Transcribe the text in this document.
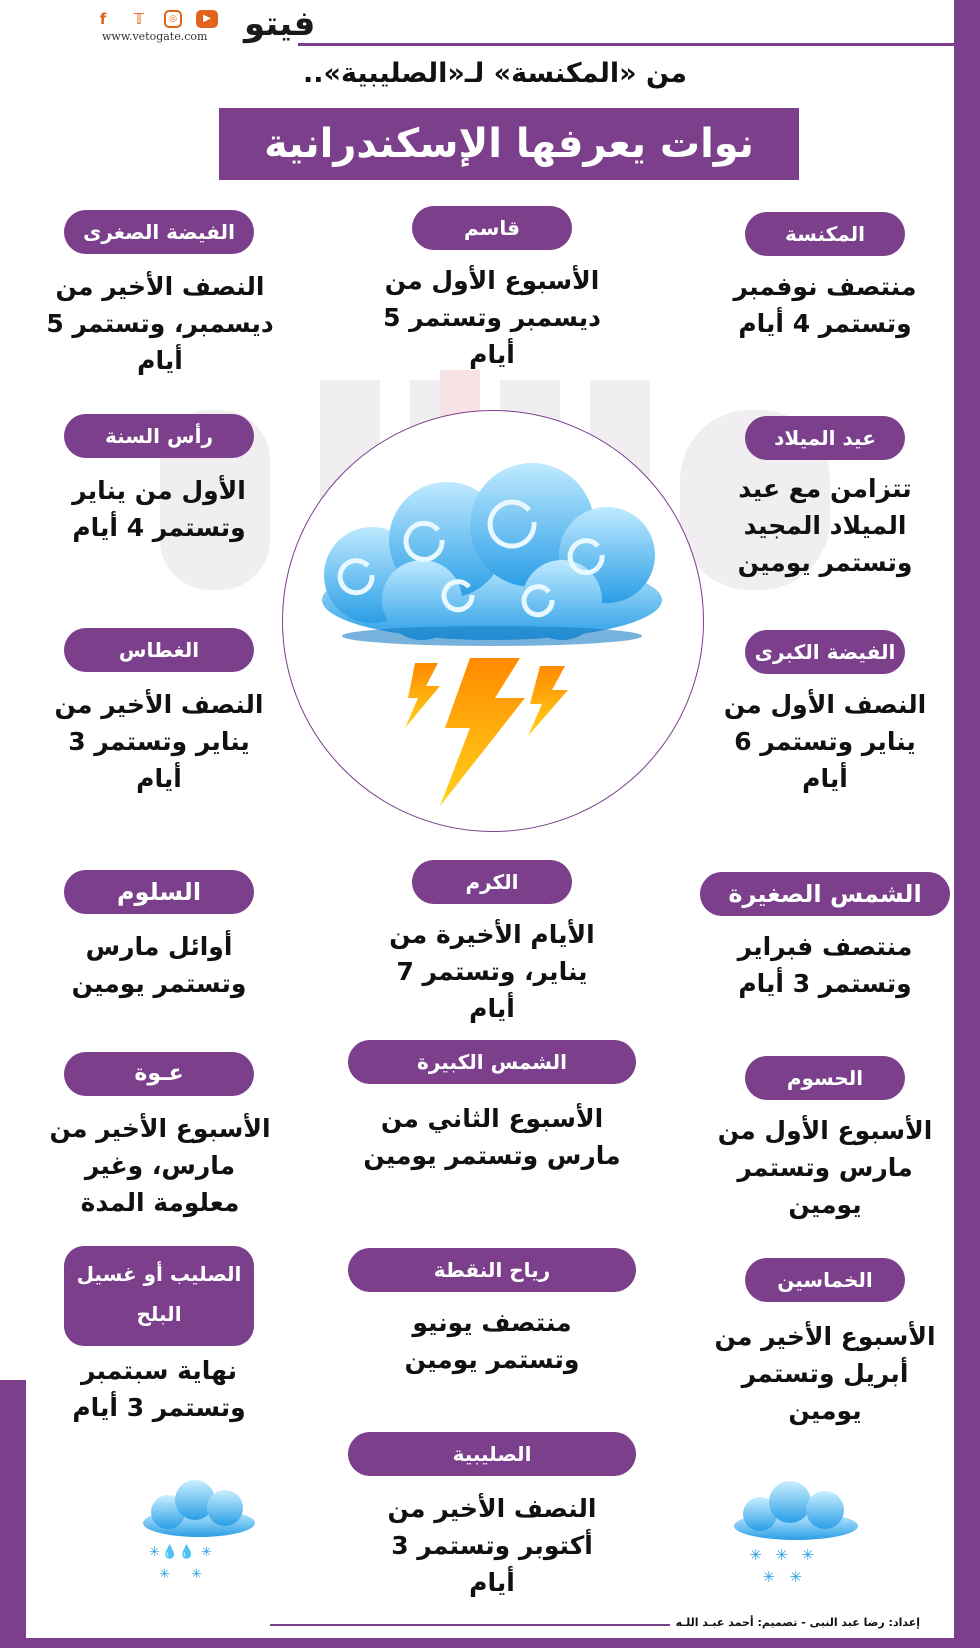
فيتو
f	𝕋	◎	▶
www.vetogate.com
من «المكنسة» لـ«الصليبية»..
نوات يعرفها الإسكندرانية
المكنسة
منتصف نوفمبر وتستمر 4 أيام
عيد الميلاد
تتزامن مع عيد الميلاد المجيد وتستمر يومين
الفيضة الكبرى
النصف الأول من يناير وتستمر 6 أيام
الشمس الصغيرة
منتصف فبراير وتستمر 3 أيام
الحسوم
الأسبوع الأول من مارس وتستمر يومين
الخماسين
الأسبوع الأخير من أبريل وتستمر يومين
قاسم
الأسبوع الأول من ديسمبر وتستمر 5 أيام
الكرم
الأيام الأخيرة من يناير، وتستمر 7 أيام
الشمس الكبيرة
الأسبوع الثاني من مارس وتستمر يومين
رياح النقطة
منتصف يونيو وتستمر يومين
الصليبية
النصف الأخير من أكتوبر وتستمر 3 أيام
الفيضة الصغرى
النصف الأخير من ديسمبر، وتستمر 5 أيام
رأس السنة
الأول من يناير وتستمر 4 أيام
الغطاس
النصف الأخير من يناير وتستمر 3 أيام
السلوم
أوائل مارس وتستمر يومين
عـوة
الأسبوع الأخير من مارس، وغير معلومة المدة
الصليب أو غسيل البلح
نهاية سبتمبر وتستمر 3 أيام
✳ 💧 💧 ✳
✳ ✳
✳ ✳ ✳
✳ ✳
إعداد: رضا عبد النبى - تصميم: أحمد عبـد اللـه
